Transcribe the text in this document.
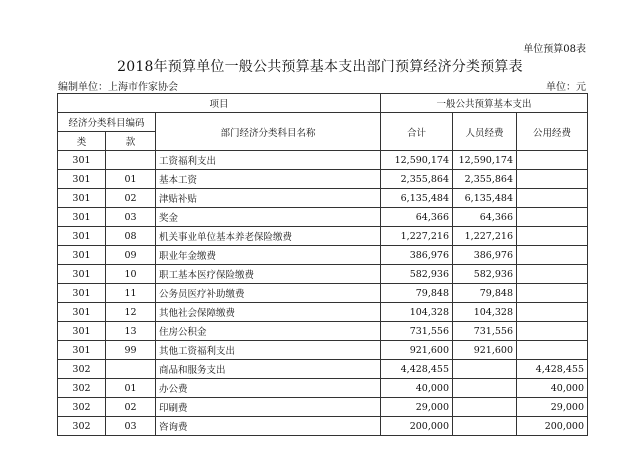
单位预算08表
2018年预算单位一般公共预算基本支出部门预算经济分类预算表
编制单位：上海市作家协会	单位：元
项目			一般公共预算基本支出		
经济分类科目编码		部门经济分类科目名称	合计	人员经费	公用经费
类	款				
301		工资福利支出	12,590,174	12,590,174	
301	01	基本工资	2,355,864	2,355,864	
301	02	津贴补贴	6,135,484	6,135,484	
301	03	奖金	64,366	64,366	
301	08	机关事业单位基本养老保险缴费	1,227,216	1,227,216	
301	09	职业年金缴费	386,976	386,976	
301	10	职工基本医疗保险缴费	582,936	582,936	
301	11	公务员医疗补助缴费	79,848	79,848	
301	12	其他社会保障缴费	104,328	104,328	
301	13	住房公积金	731,556	731,556	
301	99	其他工资福利支出	921,600	921,600	
302		商品和服务支出	4,428,455		4,428,455
302	01	办公费	40,000		40,000
302	02	印刷费	29,000		29,000
302	03	咨询费	200,000		200,000
